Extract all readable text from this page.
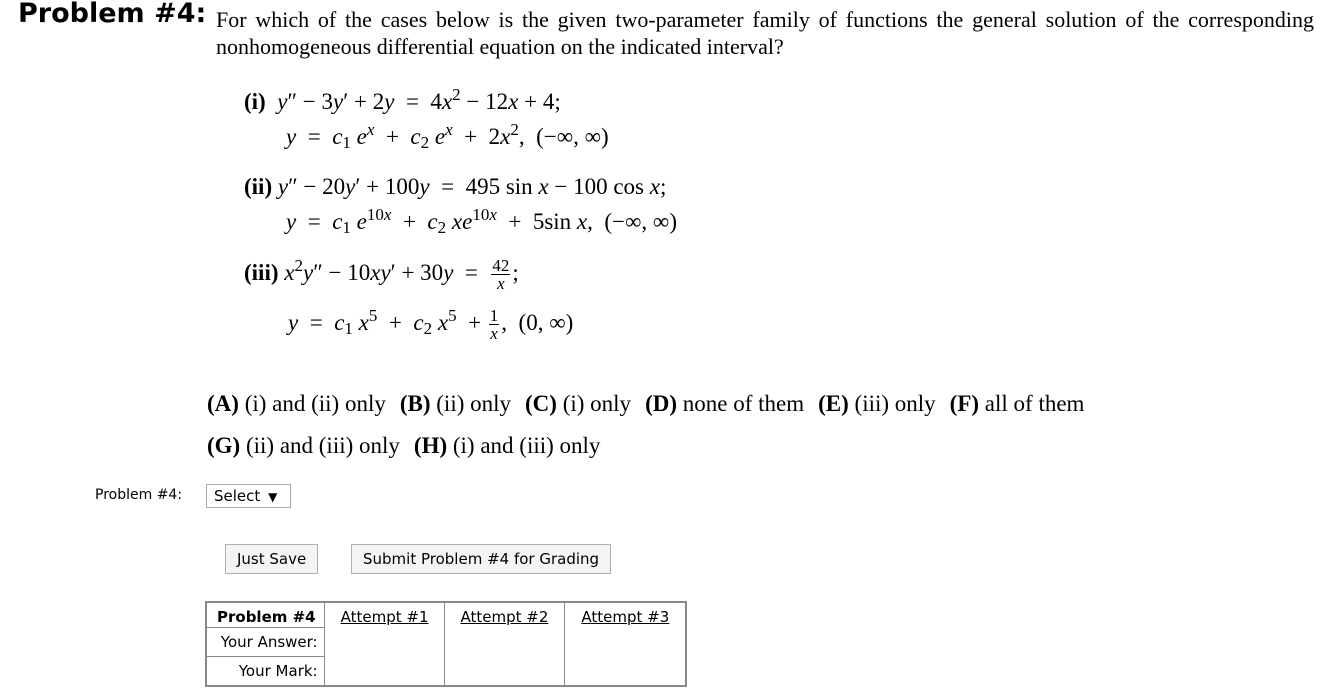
Problem #4: For which of the cases below is the given two-parameter family of functions the general solution of the corresponding nonhomogeneous differential equation on the indicated interval?
(i) $y'' - 3y' + 2y = 4x^2 - 12x + 4$;
$y = c_1$ $e^x + c_2$ $e^x + 2x^2$,  (−∞, ∞)
(ii) y″ − 20y′ + 100y  =  495 sin x − 100 cos x;
$y = c_1$ $e^{10x} + c_2$ $xe^{10x} + 5\sin$ x,  (−∞, ∞)
(iii) $x^2y'' - 10xy' + 30y = \frac{42}{x}$ ;
$y = c_1$ $x^5 + c_2$ $x^5 + \frac{1}{x}$ ,  (0, ∞)
(A) (i) and (ii) only (B) (ii) only (C) (i) only (D) none of them (E) (iii) only (F) all of them
(G) (ii) and (iii) only (H) (i) and (iii) only
Problem #4:	Select ▼
Just Save	Submit Problem #4 for Grading
Problem #4	Attempt #1	Attempt #2	Attempt #3
Your Answer:
Your Mark:
